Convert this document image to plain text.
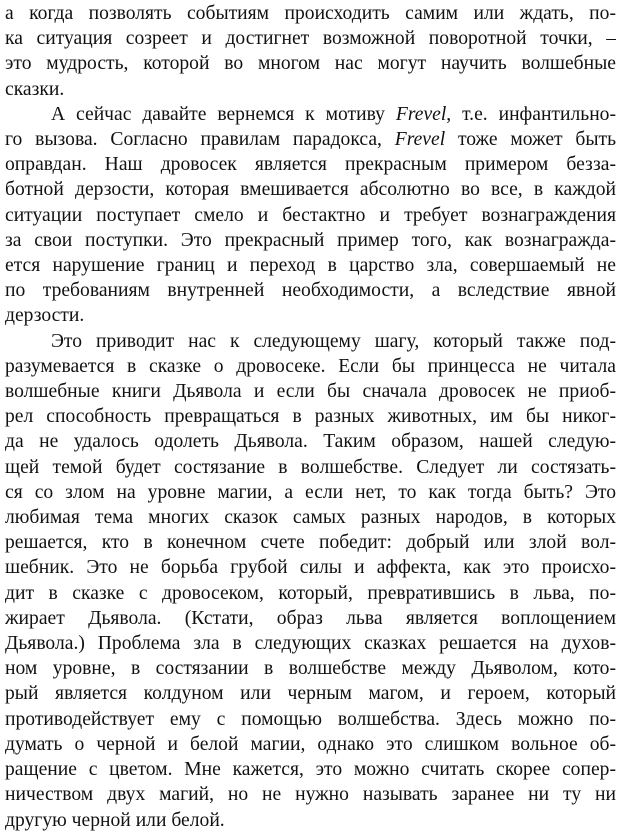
а когда позволять событиям происходить самим или ждать, по-
ка ситуация созреет и достигнет возможной поворотной точки, –
это мудрость, которой во многом нас могут научить волшебные
сказки.
А сейчас давайте вернемся к мотиву Frevel, т.е. инфантильно-
го вызова. Согласно правилам парадокса, Frevel тоже может быть
оправдан. Наш дровосек является прекрасным примером безза-
ботной дерзости, которая вмешивается абсолютно во все, в каждой
ситуации поступает смело и бестактно и требует вознаграждения
за свои поступки. Это прекрасный пример того, как вознагражда-
ется нарушение границ и переход в царство зла, совершаемый не
по требованиям внутренней необходимости, а вследствие явной
дерзости.
Это приводит нас к следующему шагу, который также под-
разумевается в сказке о дровосеке. Если бы принцесса не читала
волшебные книги Дьявола и если бы сначала дровосек не приоб-
рел способность превращаться в разных животных, им бы никог-
да не удалось одолеть Дьявола. Таким образом, нашей следую-
щей темой будет состязание в волшебстве. Следует ли состязать-
ся со злом на уровне магии, а если нет, то как тогда быть? Это
любимая тема многих сказок самых разных народов, в которых
решается, кто в конечном счете победит: добрый или злой вол-
шебник. Это не борьба грубой силы и аффекта, как это происхо-
дит в сказке с дровосеком, который, превратившись в льва, по-
жирает Дьявола. (Кстати, образ льва является воплощением
Дьявола.) Проблема зла в следующих сказках решается на духов-
ном уровне, в состязании в волшебстве между Дьяволом, кото-
рый является колдуном или черным магом, и героем, который
противодействует ему с помощью волшебства. Здесь можно по-
думать о черной и белой магии, однако это слишком вольное об-
ращение с цветом. Мне кажется, это можно считать скорее сопер-
ничеством двух магий, но не нужно называть заранее ни ту ни
другую черной или белой.
